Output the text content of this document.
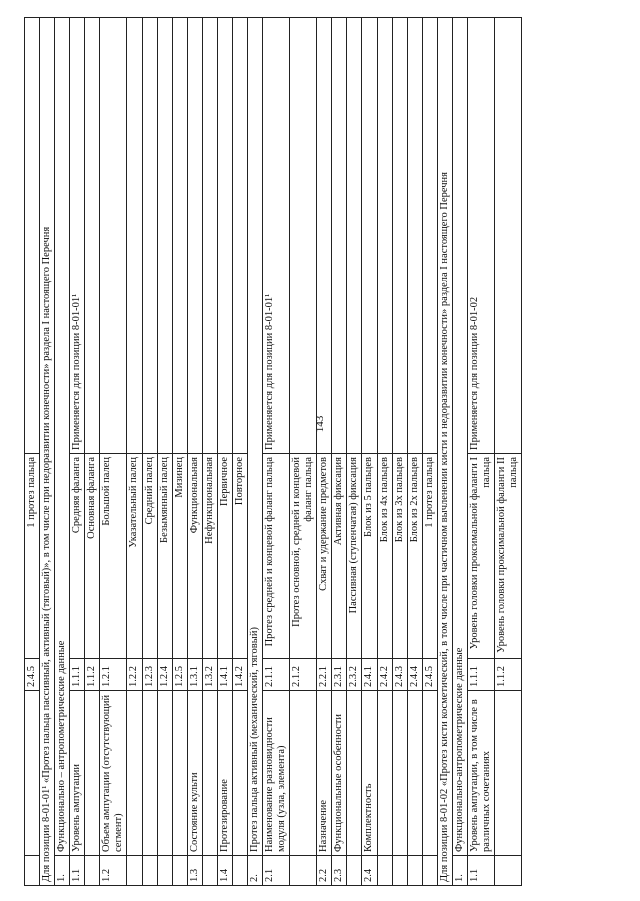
143
		2.4.5	1 протез пальца	
Для позиции 8-01-01¹ «Протез пальца пассивный, активный (тяговый)», в том числе при недоразвитии конечности» раздела I настоящего Перечня				
1.	Функционально – антропометрические данные			
1.1	Уровень ампутации	1.1.1	Средняя фаланга	Применяется для позиции 8-01-01¹
		1.1.2	Основная фаланга	
1.2	Объем ампутации (отсутствующий сегмент)	1.2.1	Большой палец	
		1.2.2	Указательный палец	
		1.2.3	Средний палец	
		1.2.4	Безымянный палец	
		1.2.5	Мизинец	
1.3	Состояние культи	1.3.1	Функциональная	
		1.3.2	Нефункциональная	
1.4	Протезирование	1.4.1	Первичное	
		1.4.2	Повторное	
2.	Протез пальца активный (механический, тяговый)			
2.1	Наименование разновидности модуля (узла, элемента)	2.1.1	Протез средней и концевой фаланг пальца	Применяется для позиции 8-01-01¹
		2.1.2	Протез основной, средней и концевой фаланг пальца	
2.2	Назначение	2.2.1	Схват и удержание предметов	
2.3	Функциональные особенности	2.3.1	Активная фиксация	
		2.3.2	Пассивная (ступенчатая) фиксация	
2.4	Комплектность	2.4.1	Блок из 5 пальцев	
		2.4.2	Блок из 4х пальцев	
		2.4.3	Блок из 3х пальцев	
		2.4.4	Блок из 2х пальцев	
		2.4.5	1 протез пальца	
Для позиции 8-01-02 «Протез кисти косметический, в том числе при частичном вычленении кисти и недоразвитии конечности» раздела I настоящего Перечня				
1.	Функционально-антропометрические данные			
1.1	Уровень ампутации, в том числе в различных сочетаниях	1.1.1	Уровень головки проксимальной фаланги I пальца	Применяется для позиции 8-01-02
		1.1.2	Уровень головки проксимальной фаланги II пальца	
